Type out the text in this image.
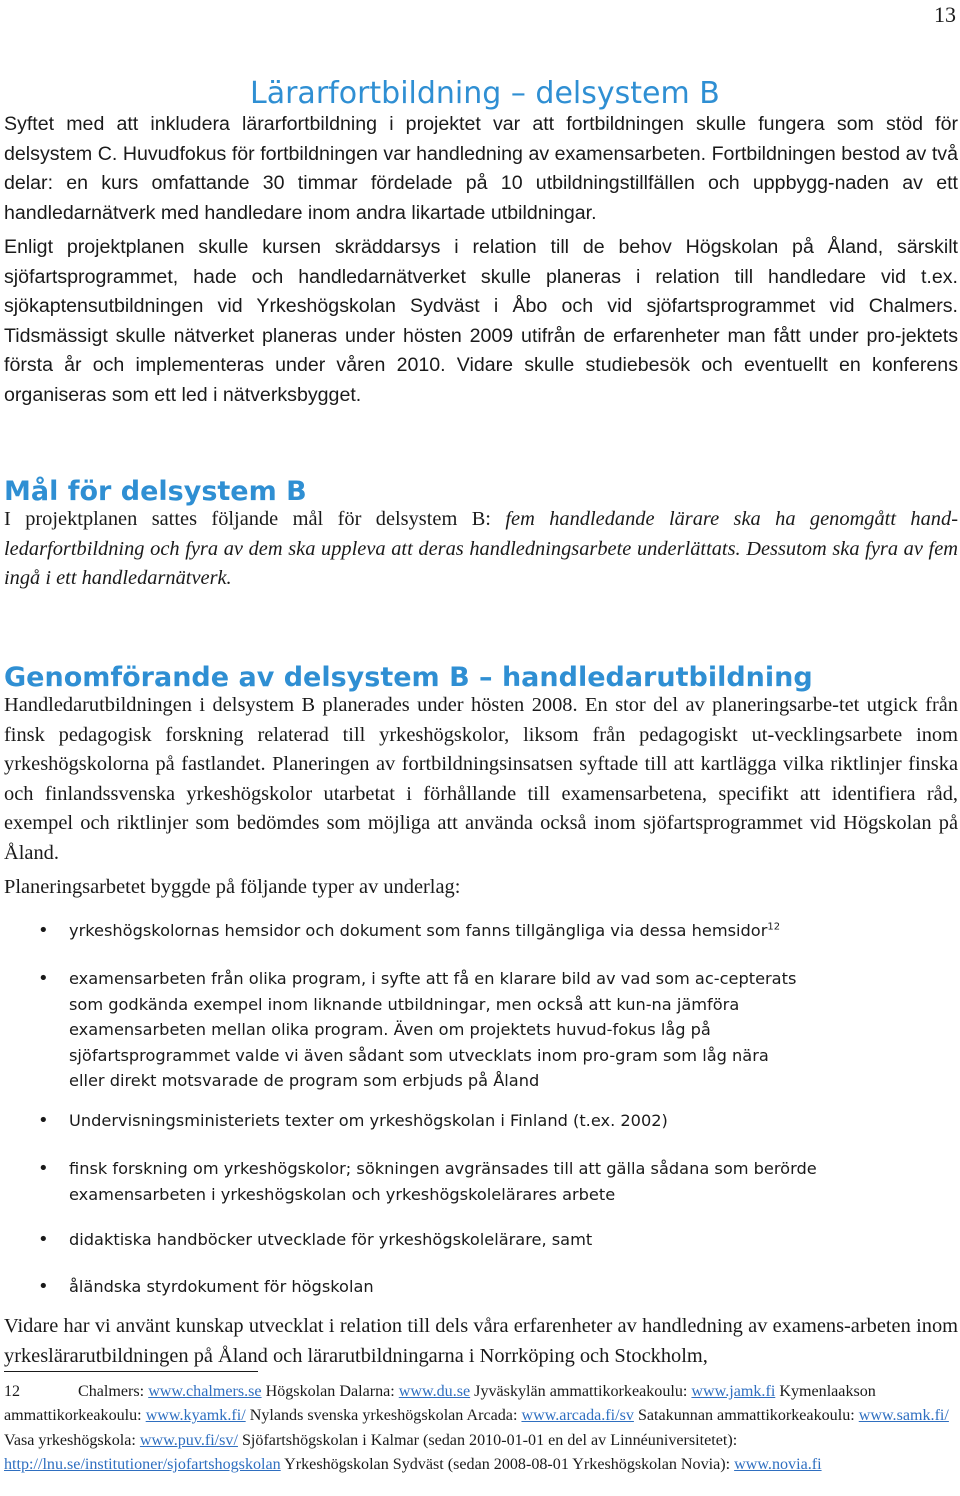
13
Lärarfortbildning – delsystem B

Syftet med att inkludera lärarfortbildning i projektet var att fortbildningen skulle fungera som stöd för delsystem C. Huvudfokus för fortbildningen var handledning av examensarbeten. Fortbildningen bestod av två delar: en kurs omfattande 30 timmar fördelade på 10 utbildningstillfällen och uppbygg-naden av ett handledarnätverk med handledare inom andra likartade utbildningar.

Enligt projektplanen skulle kursen skräddarsys i relation till de behov Högskolan på Åland, särskilt sjöfartsprogrammet, hade och handledarnätverket skulle planeras i relation till handledare vid t.ex. sjökaptensutbildningen vid Yrkeshögskolan Sydväst i Åbo och vid sjöfartsprogrammet vid Chalmers. Tidsmässigt skulle nätverket planeras under hösten 2009 utifrån de erfarenheter man fått under pro-jektets första år och implementeras under våren 2010. Vidare skulle studiebesök och eventuellt en konferens organiseras som ett led i nätverksbygget.

Mål för delsystem B

I projektplanen sattes följande mål för delsystem B: fem handledande lärare ska ha genomgått hand-ledarfortbildning och fyra av dem ska uppleva att deras handledningsarbete underlättats. Dessutom ska fyra av fem ingå i ett handledarnätverk.

Genomförande av delsystem B – handledarutbildning

Handledarutbildningen i delsystem B planerades under hösten 2008. En stor del av planeringsarbe-tet utgick från finsk pedagogisk forskning relaterad till yrkeshögskolor, liksom från pedagogiskt ut-vecklingsarbete inom yrkeshögskolorna på fastlandet. Planeringen av fortbildningsinsatsen syftade till att kartlägga vilka riktlinjer finska och finlandssvenska yrkeshögskolor utarbetat i förhållande till examensarbetena, specifikt att identifiera råd, exempel och riktlinjer som bedömdes som möjliga att använda också inom sjöfartsprogrammet vid Högskolan på Åland.

Planeringsarbetet byggde på följande typer av underlag:

• yrkeshögskolornas hemsidor och dokument som fanns tillgängliga via dessa hemsidor$^{12}$
• examensarbeten från olika program, i syfte att få en klarare bild av vad som ac-cepterats som godkända exempel inom liknande utbildningar, men också att kun-na jämföra examensarbeten mellan olika program. Även om projektets huvud-fokus låg på sjöfartsprogrammet valde vi även sådant som utvecklats inom pro-gram som låg nära eller direkt motsvarade de program som erbjuds på Åland
• Undervisningsministeriets texter om yrkeshögskolan i Finland (t.ex. 2002)
• finsk forskning om yrkeshögskolor; sökningen avgränsades till att gälla sådana som berörde examensarbeten i yrkeshögskolan och yrkeshögskolelärares arbete
• didaktiska handböcker utvecklade för yrkeshögskolelärare, samt
• åländska styrdokument för högskolan

Vidare har vi använt kunskap utvecklat i relation till dels våra erfarenheter av handledning av examens-arbeten inom yrkeslärarutbildningen på Åland och lärarutbildningarna i Norrköping och Stockholm,

12	Chalmers: www.chalmers.se Högskolan Dalarna: www.du.se Jyväskylän ammattikorkeakoulu: www.jamk.fi Kymenlaakson ammattikorkeakoulu: www.kyamk.fi/ Nylands svenska yrkeshögskolan Arcada: www.arcada.fi/sv Satakunnan ammattikorkeakoulu: www.samk.fi/ Vasa yrkeshögskola: www.puv.fi/sv/ Sjöfartshögskolan i Kalmar (sedan 2010-01-01 en del av Linnéuniversitetet): http://lnu.se/institutioner/sjofartshogskolan Yrkeshögskolan Sydväst (sedan 2008-08-01 Yrkeshögskolan Novia): www.novia.fi
